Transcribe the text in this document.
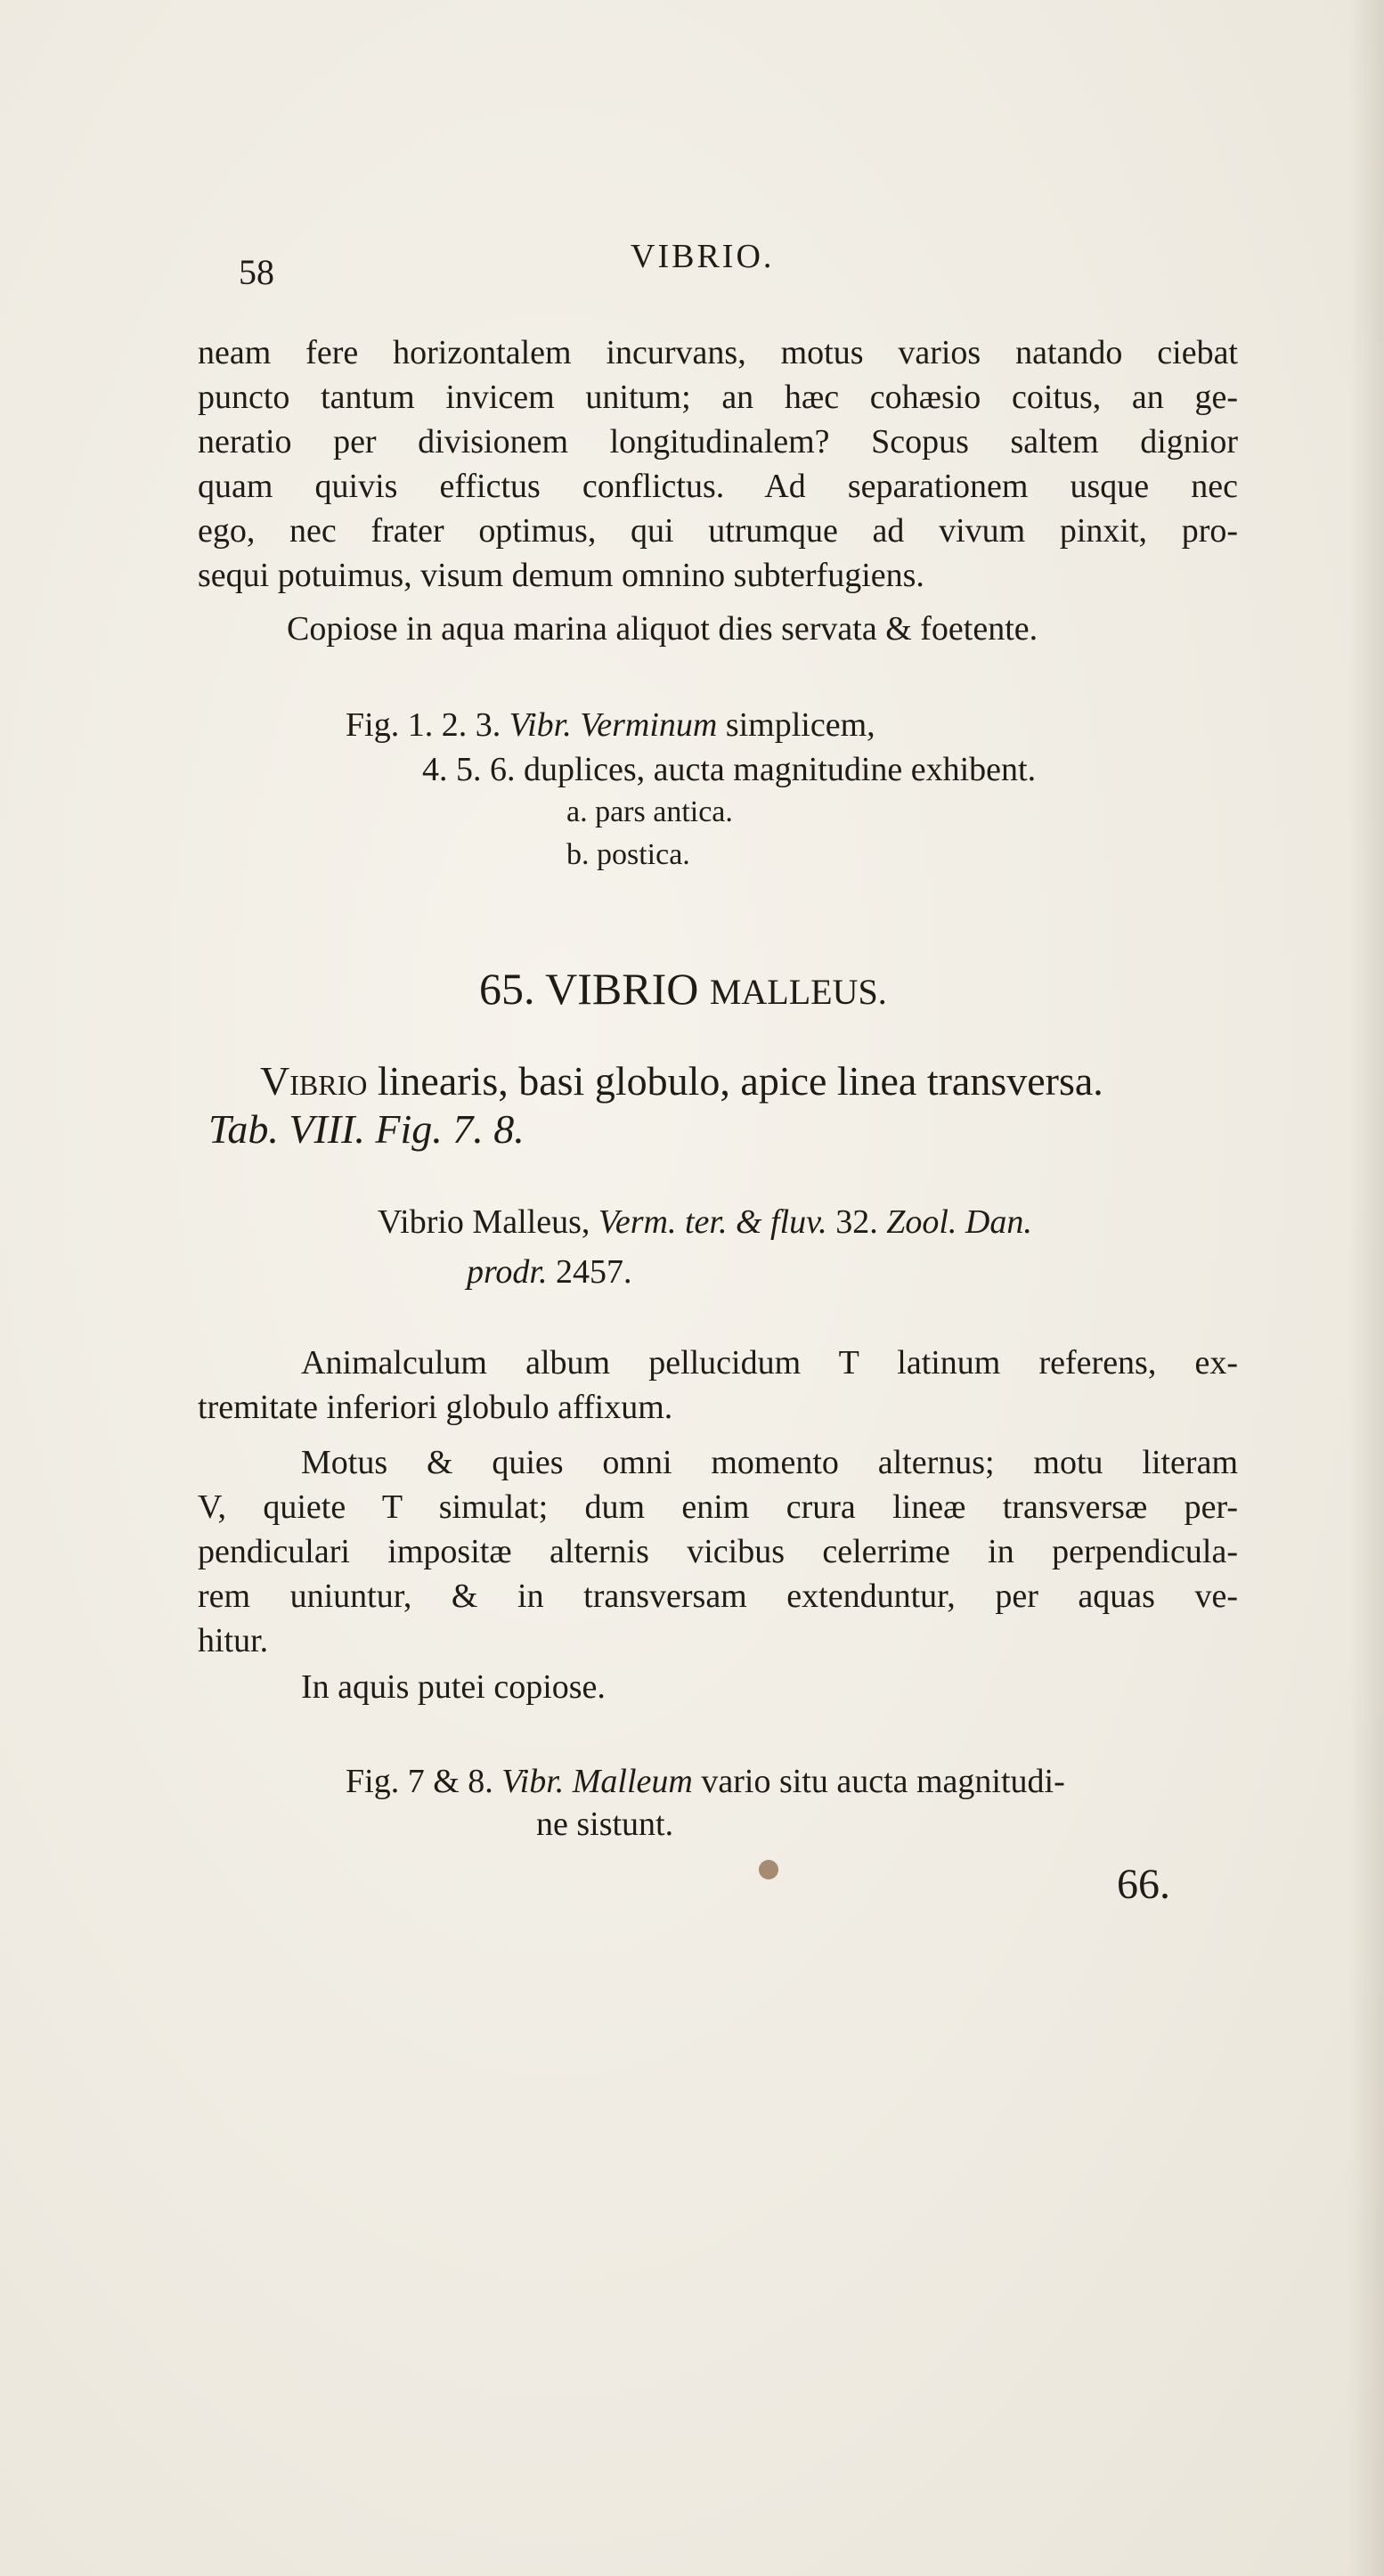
58	VIBRIO.
neam fere horizontalem incurvans, motus varios natando ciebat
puncto tantum invicem unitum; an hæc cohæsio coitus, an ge-
neratio per divisionem longitudinalem? Scopus saltem dignior
quam quivis effictus conflictus. Ad separationem usque nec
ego, nec frater optimus, qui utrumque ad vivum pinxit, pro-
sequi potuimus, visum demum omnino subterfugiens.
Copiose in aqua marina aliquot dies servata & foetente.
Fig. 1. 2. 3. Vibr. Verminum simplicem,
4. 5. 6. duplices, aucta magnitudine exhibent.
a. pars antica.
b. postica.
65. VIBRIO MALLEUS.
Vibrio linearis, basi globulo, apice linea transversa.
Tab. VIII. Fig. 7. 8.
Vibrio Malleus, Verm. ter. & fluv. 32. Zool. Dan.
prodr. 2457.
Animalculum album pellucidum T latinum referens, ex-
tremitate inferiori globulo affixum.
Motus & quies omni momento alternus; motu literam
V, quiete T simulat; dum enim crura lineæ transversæ per-
pendiculari impositæ alternis vicibus celerrime in perpendicula-
rem uniuntur, & in transversam extenduntur, per aquas ve-
hitur.
In aquis putei copiose.
Fig. 7 & 8. Vibr. Malleum vario situ aucta magnitudi-
ne sistunt.
66.
